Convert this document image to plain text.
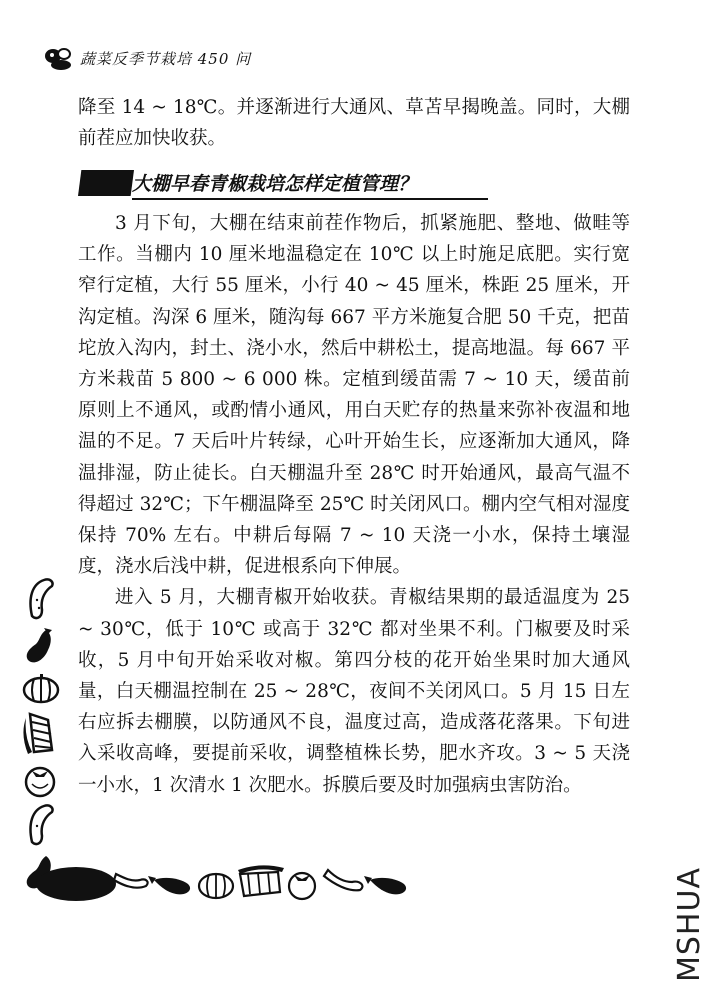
蔬菜反季节栽培 450 问

降至 14 ~ 18℃。并逐渐进行大通风、草苫早揭晚盖。同时，大棚前茬应加快收获。

大棚早春青椒栽培怎样定植管理？

3 月下旬，大棚在结束前茬作物后，抓紧施肥、整地、做畦等工作。当棚内 10 厘米地温稳定在 10℃ 以上时施足底肥。实行宽窄行定植，大行 55 厘米，小行 40 ~ 45 厘米，株距 25 厘米，开沟定植。沟深 6 厘米，随沟每 667 平方米施复合肥 50 千克，把苗坨放入沟内，封土、浇小水，然后中耕松土，提高地温。每 667 平方米栽苗 5 800 ~ 6 000 株。定植到缓苗需 7 ~ 10 天，缓苗前原则上不通风，或酌情小通风，用白天贮存的热量来弥补夜温和地温的不足。7 天后叶片转绿，心叶开始生长，应逐渐加大通风，降温排湿，防止徒长。白天棚温升至 28℃ 时开始通风，最高气温不得超过 32℃；下午棚温降至 25℃ 时关闭风口。棚内空气相对湿度保持 70% 左右。中耕后每隔 7 ~ 10 天浇一小水，保持土壤湿度，浇水后浅中耕，促进根系向下伸展。

进入 5 月，大棚青椒开始收获。青椒结果期的最适温度为 25 ~ 30℃，低于 10℃ 或高于 32℃ 都对坐果不利。门椒要及时采收，5 月中旬开始采收对椒。第四分枝的花开始坐果时加大通风量，白天棚温控制在 25 ~ 28℃，夜间不关闭风口。5 月 15 日左右应拆去棚膜，以防通风不良，温度过高，造成落花落果。下旬进入采收高峰，要提前采收，调整植株长势，肥水齐攻。3 ~ 5 天浇一小水，1 次清水 1 次肥水。拆膜后要及时加强病虫害防治。

MSHUA
